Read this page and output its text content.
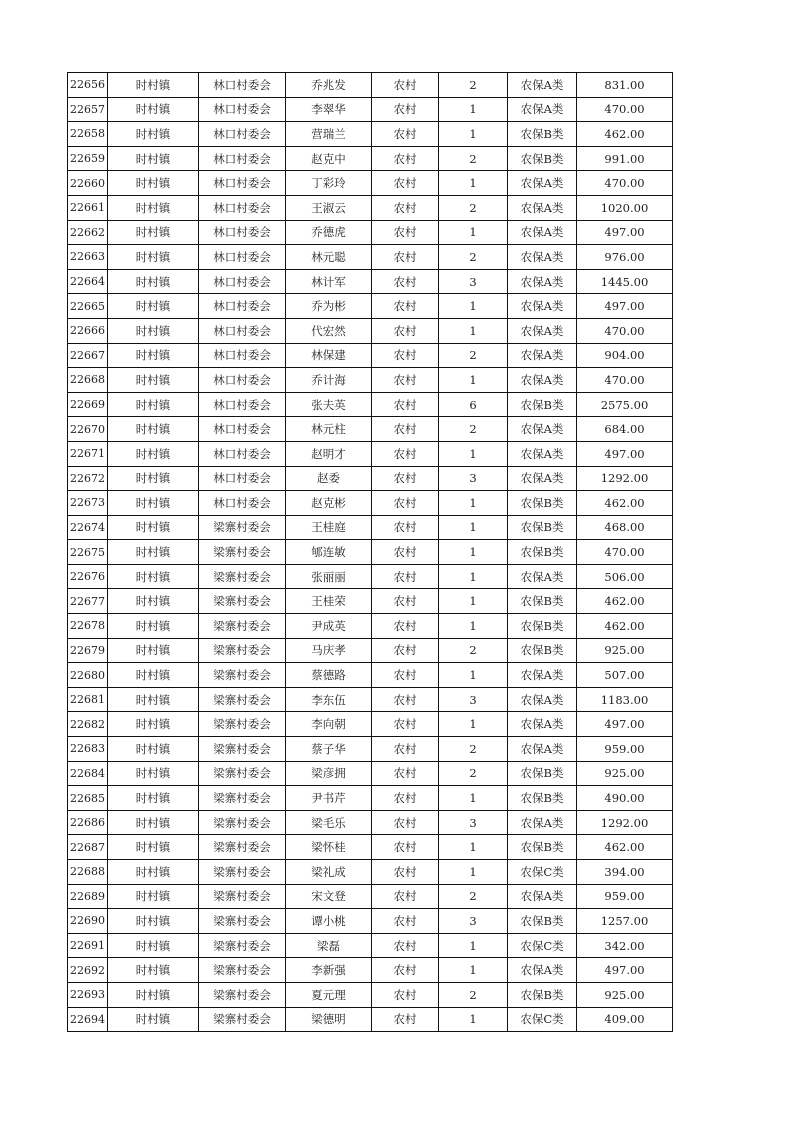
22656	时村镇	林口村委会	乔兆发	农村	2	农保A类	831.00
22657	时村镇	林口村委会	李翠华	农村	1	农保A类	470.00
22658	时村镇	林口村委会	营瑞兰	农村	1	农保B类	462.00
22659	时村镇	林口村委会	赵克中	农村	2	农保B类	991.00
22660	时村镇	林口村委会	丁彩玲	农村	1	农保A类	470.00
22661	时村镇	林口村委会	王淑云	农村	2	农保A类	1020.00
22662	时村镇	林口村委会	乔德虎	农村	1	农保A类	497.00
22663	时村镇	林口村委会	林元聪	农村	2	农保A类	976.00
22664	时村镇	林口村委会	林计军	农村	3	农保A类	1445.00
22665	时村镇	林口村委会	乔为彬	农村	1	农保A类	497.00
22666	时村镇	林口村委会	代宏然	农村	1	农保A类	470.00
22667	时村镇	林口村委会	林保建	农村	2	农保A类	904.00
22668	时村镇	林口村委会	乔计海	农村	1	农保A类	470.00
22669	时村镇	林口村委会	张夫英	农村	6	农保B类	2575.00
22670	时村镇	林口村委会	林元柱	农村	2	农保A类	684.00
22671	时村镇	林口村委会	赵明才	农村	1	农保A类	497.00
22672	时村镇	林口村委会	赵委	农村	3	农保A类	1292.00
22673	时村镇	林口村委会	赵克彬	农村	1	农保B类	462.00
22674	时村镇	梁寨村委会	王桂庭	农村	1	农保B类	468.00
22675	时村镇	梁寨村委会	郇连敏	农村	1	农保B类	470.00
22676	时村镇	梁寨村委会	张丽丽	农村	1	农保A类	506.00
22677	时村镇	梁寨村委会	王桂荣	农村	1	农保B类	462.00
22678	时村镇	梁寨村委会	尹成英	农村	1	农保B类	462.00
22679	时村镇	梁寨村委会	马庆孝	农村	2	农保B类	925.00
22680	时村镇	梁寨村委会	蔡德路	农村	1	农保A类	507.00
22681	时村镇	梁寨村委会	李东伍	农村	3	农保A类	1183.00
22682	时村镇	梁寨村委会	李向朝	农村	1	农保A类	497.00
22683	时村镇	梁寨村委会	蔡子华	农村	2	农保A类	959.00
22684	时村镇	梁寨村委会	梁彦拥	农村	2	农保B类	925.00
22685	时村镇	梁寨村委会	尹书芹	农村	1	农保B类	490.00
22686	时村镇	梁寨村委会	梁毛乐	农村	3	农保A类	1292.00
22687	时村镇	梁寨村委会	梁怀桂	农村	1	农保B类	462.00
22688	时村镇	梁寨村委会	梁礼成	农村	1	农保C类	394.00
22689	时村镇	梁寨村委会	宋文登	农村	2	农保A类	959.00
22690	时村镇	梁寨村委会	谭小桃	农村	3	农保B类	1257.00
22691	时村镇	梁寨村委会	梁磊	农村	1	农保C类	342.00
22692	时村镇	梁寨村委会	李新强	农村	1	农保A类	497.00
22693	时村镇	梁寨村委会	夏元理	农村	2	农保B类	925.00
22694	时村镇	梁寨村委会	梁德明	农村	1	农保C类	409.00
